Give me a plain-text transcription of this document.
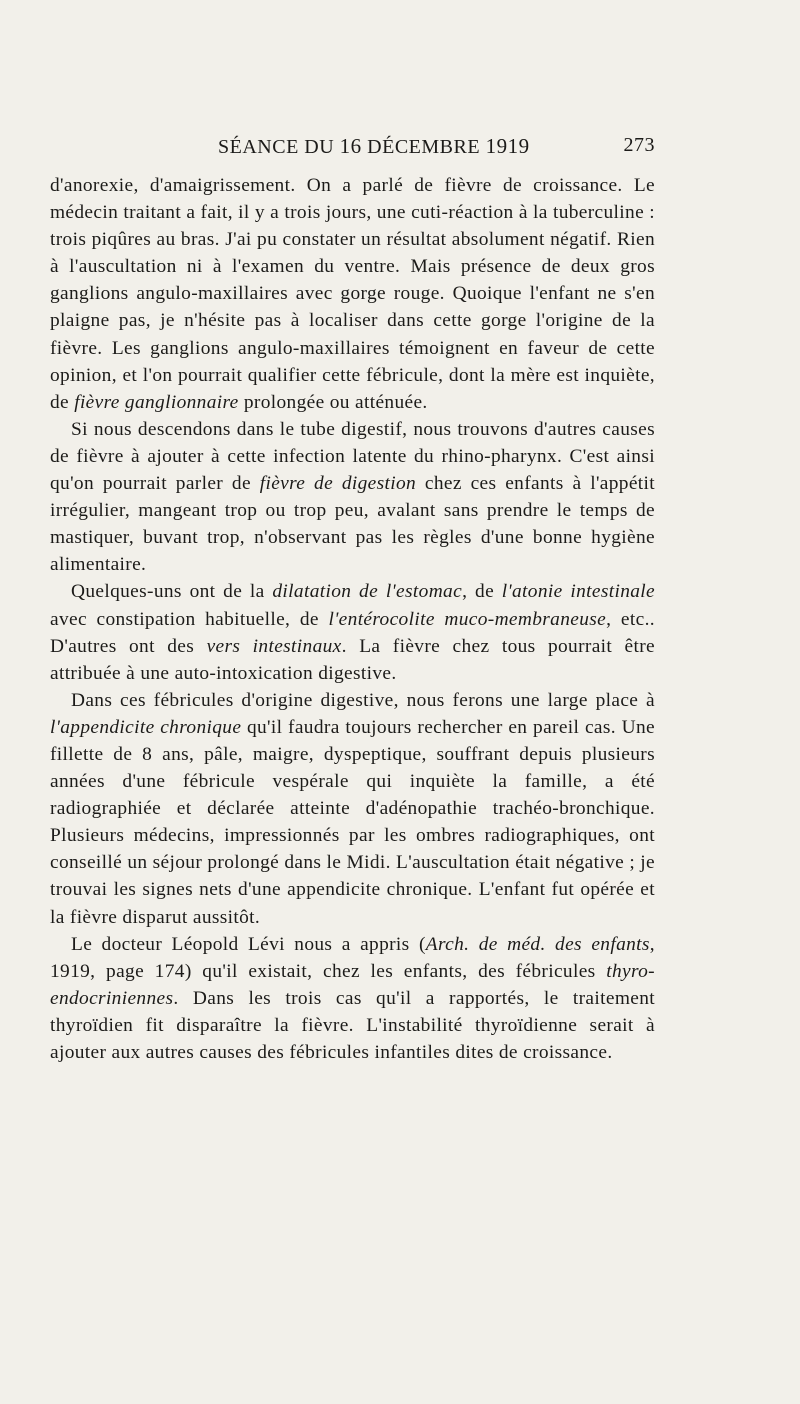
SÉANCE DU 16 DÉCEMBRE 1919	273

d'anorexie, d'amaigrissement. On a parlé de fièvre de croissance. Le médecin traitant a fait, il y a trois jours, une cuti-réaction à la tuberculine : trois piqûres au bras. J'ai pu constater un résultat absolument négatif. Rien à l'auscultation ni à l'examen du ventre. Mais présence de deux gros ganglions angulo-maxillaires avec gorge rouge. Quoique l'enfant ne s'en plaigne pas, je n'hésite pas à localiser dans cette gorge l'origine de la fièvre. Les ganglions angulo-maxillaires témoignent en faveur de cette opinion, et l'on pourrait qualifier cette fébricule, dont la mère est inquiète, de fièvre ganglionnaire prolongée ou atténuée.

Si nous descendons dans le tube digestif, nous trouvons d'autres causes de fièvre à ajouter à cette infection latente du rhino-pharynx. C'est ainsi qu'on pourrait parler de fièvre de digestion chez ces enfants à l'appétit irrégulier, mangeant trop ou trop peu, avalant sans prendre le temps de mastiquer, buvant trop, n'observant pas les règles d'une bonne hygiène alimentaire.

Quelques-uns ont de la dilatation de l'estomac, de l'atonie intestinale avec constipation habituelle, de l'entérocolite muco-membraneuse, etc.. D'autres ont des vers intestinaux. La fièvre chez tous pourrait être attribuée à une auto-intoxication digestive.

Dans ces fébricules d'origine digestive, nous ferons une large place à l'appendicite chronique qu'il faudra toujours rechercher en pareil cas. Une fillette de 8 ans, pâle, maigre, dyspeptique, souffrant depuis plusieurs années d'une fébricule vespérale qui inquiète la famille, a été radiographiée et déclarée atteinte d'adénopathie trachéo-bronchique. Plusieurs médecins, impressionnés par les ombres radiographiques, ont conseillé un séjour prolongé dans le Midi. L'auscultation était négative ; je trouvai les signes nets d'une appendicite chronique. L'enfant fut opérée et la fièvre disparut aussitôt.

Le docteur Léopold Lévi nous a appris (Arch. de méd. des enfants, 1919, page 174) qu'il existait, chez les enfants, des fébricules thyro-endocriniennes. Dans les trois cas qu'il a rapportés, le traitement thyroïdien fit disparaître la fièvre. L'instabilité thyroïdienne serait à ajouter aux autres causes des fébricules infantiles dites de croissance.
